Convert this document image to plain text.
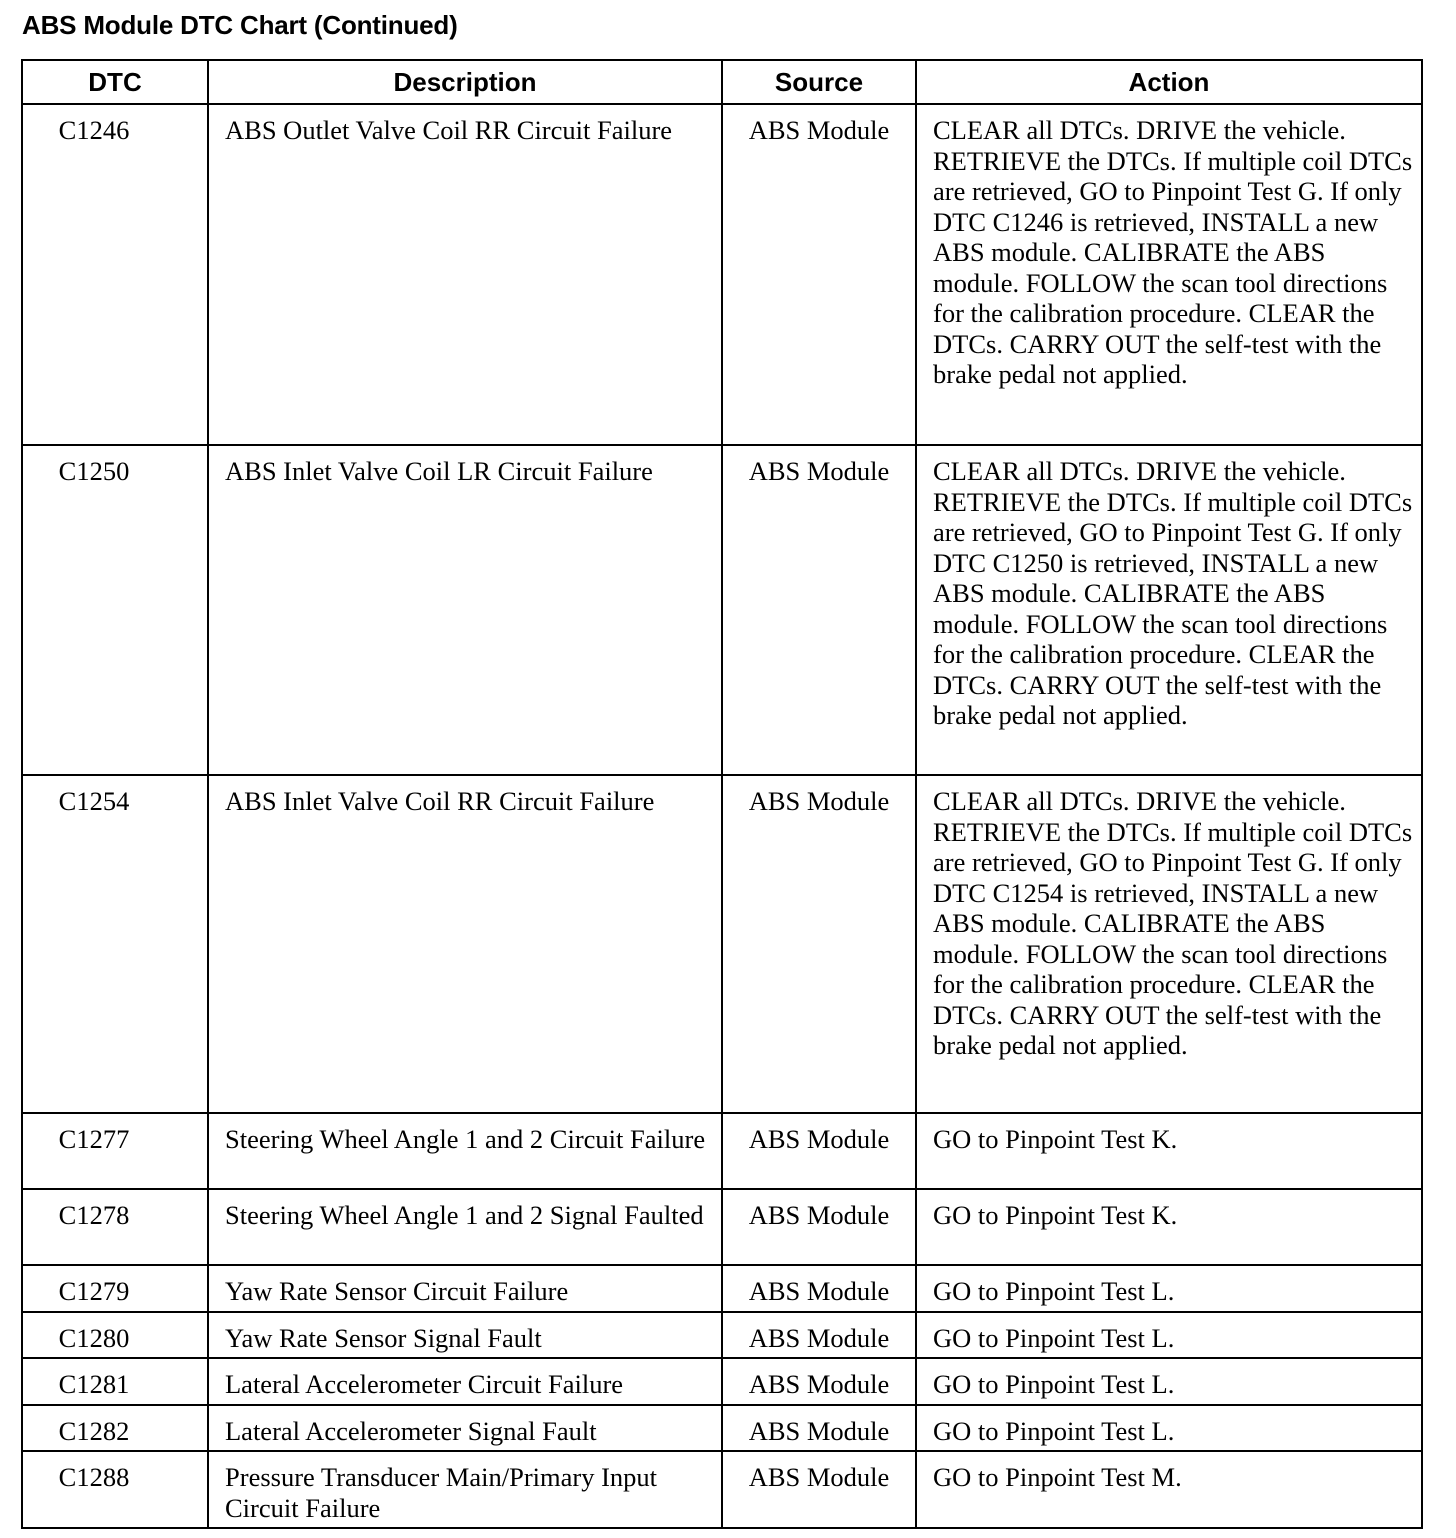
ABS Module DTC Chart (Continued)
DTC	Description	Source	Action
C1246	ABS Outlet Valve Coil RR Circuit Failure	ABS Module	CLEAR all DTCs. DRIVE the vehicle. RETRIEVE the DTCs. If multiple coil DTCs are retrieved, GO to Pinpoint Test G. If only DTC C1246 is retrieved, INSTALL a new ABS module. CALIBRATE the ABS module. FOLLOW the scan tool directions for the calibration procedure. CLEAR the DTCs. CARRY OUT the self-test with the brake pedal not applied.
C1250	ABS Inlet Valve Coil LR Circuit Failure	ABS Module	CLEAR all DTCs. DRIVE the vehicle. RETRIEVE the DTCs. If multiple coil DTCs are retrieved, GO to Pinpoint Test G. If only DTC C1250 is retrieved, INSTALL a new ABS module. CALIBRATE the ABS module. FOLLOW the scan tool directions for the calibration procedure. CLEAR the DTCs. CARRY OUT the self-test with the brake pedal not applied.
C1254	ABS Inlet Valve Coil RR Circuit Failure	ABS Module	CLEAR all DTCs. DRIVE the vehicle. RETRIEVE the DTCs. If multiple coil DTCs are retrieved, GO to Pinpoint Test G. If only DTC C1254 is retrieved, INSTALL a new ABS module. CALIBRATE the ABS module. FOLLOW the scan tool directions for the calibration procedure. CLEAR the DTCs. CARRY OUT the self-test with the brake pedal not applied.
C1277	Steering Wheel Angle 1 and 2 Circuit Failure	ABS Module	GO to Pinpoint Test K.
C1278	Steering Wheel Angle 1 and 2 Signal Faulted	ABS Module	GO to Pinpoint Test K.
C1279	Yaw Rate Sensor Circuit Failure	ABS Module	GO to Pinpoint Test L.
C1280	Yaw Rate Sensor Signal Fault	ABS Module	GO to Pinpoint Test L.
C1281	Lateral Accelerometer Circuit Failure	ABS Module	GO to Pinpoint Test L.
C1282	Lateral Accelerometer Signal Fault	ABS Module	GO to Pinpoint Test L.
C1288	Pressure Transducer Main/Primary Input Circuit Failure	ABS Module	GO to Pinpoint Test M.
